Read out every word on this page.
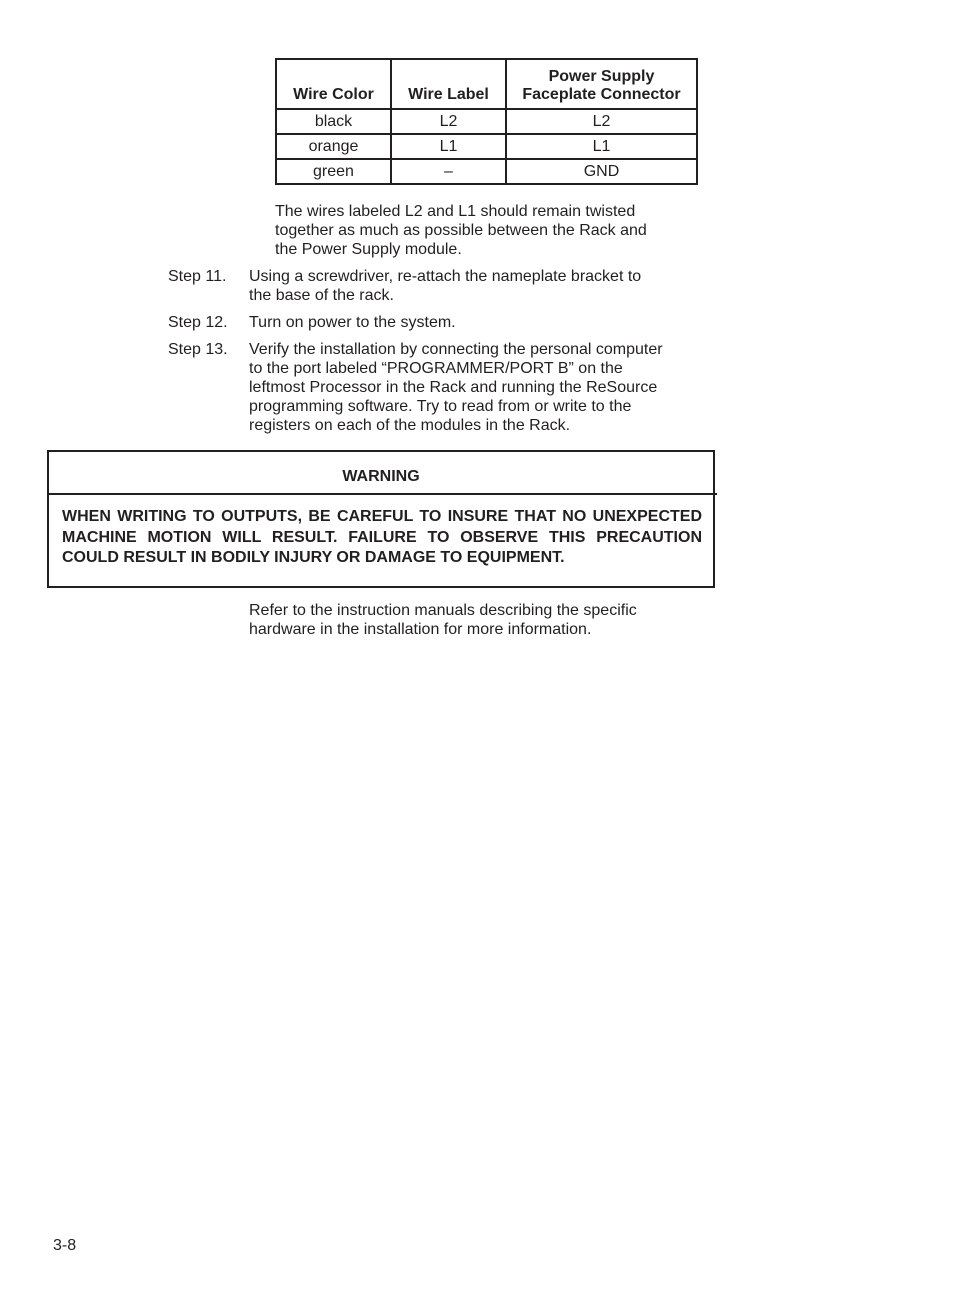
Wire Color	Wire Label	Power Supply
Faceplate Connector

black	L2	L2
orange	L1	L1
green	–	GND
The wires labeled L2 and L1 should remain twisted
together as much as possible between the Rack and
the Power Supply module.
Step 11.	Using a screwdriver, re-attach the nameplate bracket to
the base of the rack.
Step 12.	Turn on power to the system.
Step 13.	Verify the installation by connecting the personal computer
to the port labeled “PROGRAMMER/PORT B” on the
leftmost Processor in the Rack and running the ReSource
programming software. Try to read from or write to the
registers on each of the modules in the Rack.
WARNING
WHEN WRITING TO OUTPUTS, BE CAREFUL TO INSURE THAT NO UNEXPECTED MACHINE MOTION WILL RESULT. FAILURE TO OBSERVE THIS PRECAUTION COULD RESULT IN BODILY INJURY OR DAMAGE TO EQUIPMENT.
Refer to the instruction manuals describing the specific
hardware in the installation for more information.
3-8
